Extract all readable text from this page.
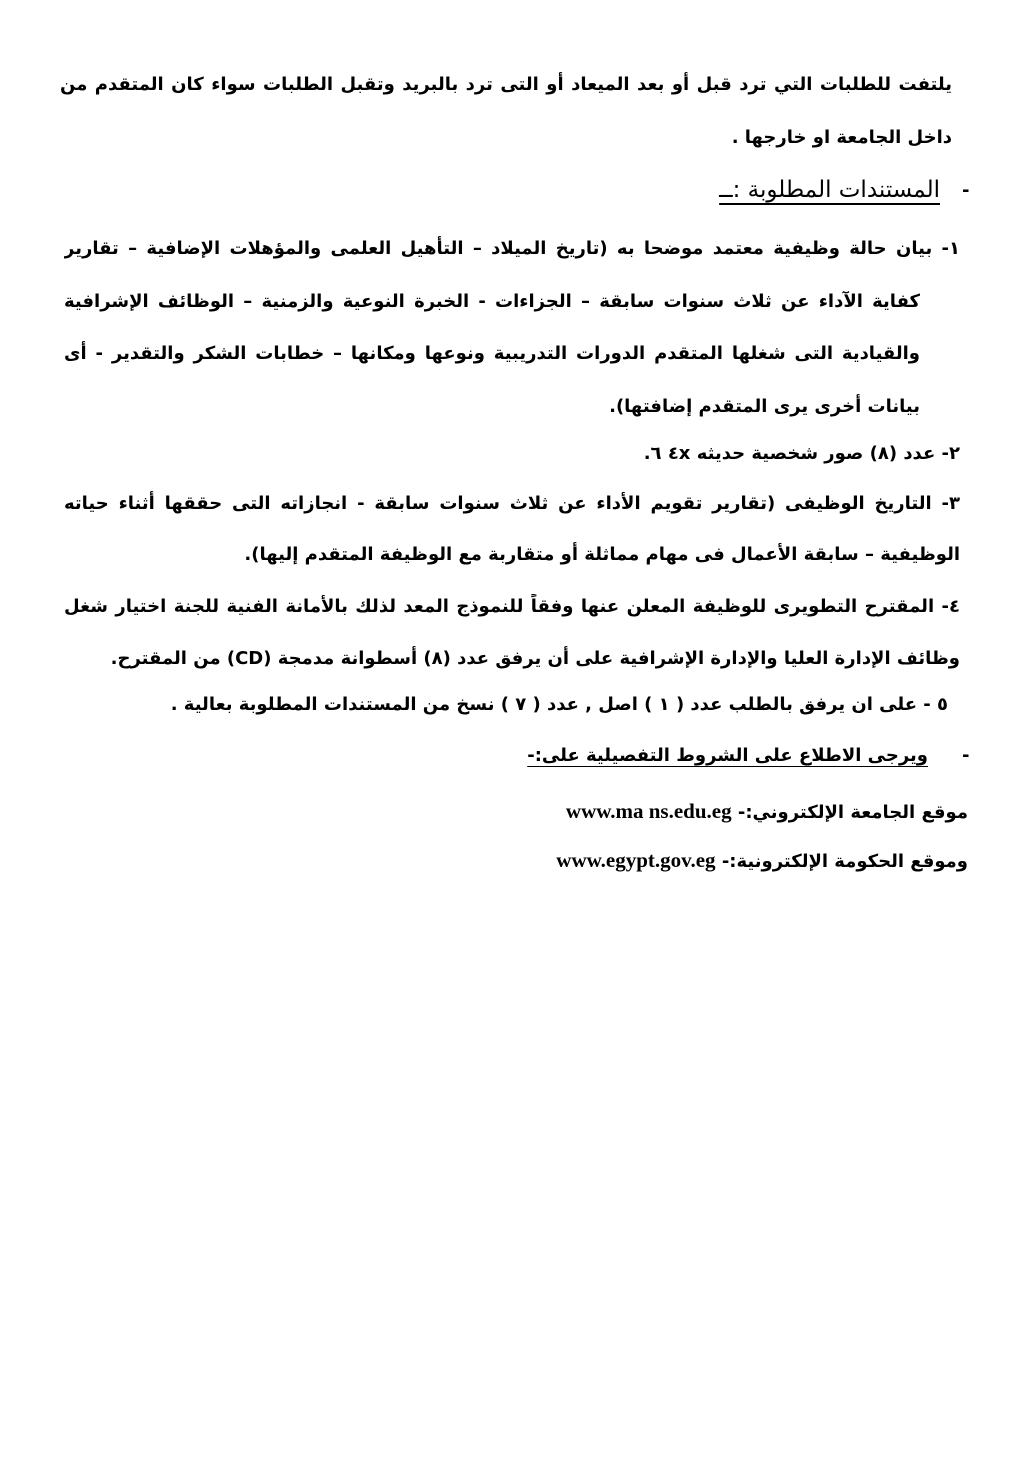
يلتفت للطلبات التي ترد قبل أو بعد الميعاد أو التى ترد بالبريد وتقبل الطلبات سواء كان المتقدم من
داخل الجامعة او خارجها .
-
المستندات المطلوبة :ــ
١- بيان حالة وظيفية معتمد موضحا به (تاريخ الميلاد – التأهيل العلمى والمؤهلات الإضافية – تقارير
كفاية الآداء عن ثلاث سنوات سابقة – الجزاءات - الخبرة النوعية والزمنية – الوظائف الإشرافية
والقيادية التى شغلها المتقدم الدورات التدريبية ونوعها ومكانها – خطابات الشكر والتقدير - أى
بيانات أخرى يرى المتقدم إضافتها).
٢- عدد (٨) صور شخصية حديثه ٤x ٦.
٣- التاريخ الوظيفى (تقارير تقويم الأداء عن ثلاث سنوات سابقة - انجازاته التى حققها أثناء حياته
الوظيفية – سابقة الأعمال فى مهام مماثلة أو متقاربة مع الوظيفة المتقدم إليها).
٤- المقترح التطويرى للوظيفة المعلن عنها وفقاً للنموذج المعد لذلك بالأمانة الفنية للجنة اختيار شغل
وظائف الإدارة العليا والإدارة الإشرافية على أن يرفق عدد (٨) أسطوانة مدمجة (CD) من المقترح.
٥ - على ان يرفق بالطلب عدد ( ١ ) اصل , عدد ( ٧ ) نسخ من المستندات المطلوبة بعالية .
-
ويرجى الاطلاع على الشروط التفصيلية على:-
موقع الجامعة الإلكتروني:- www.ma ns.edu.eg
وموقع الحكومة الإلكترونية:- www.egypt.gov.eg
